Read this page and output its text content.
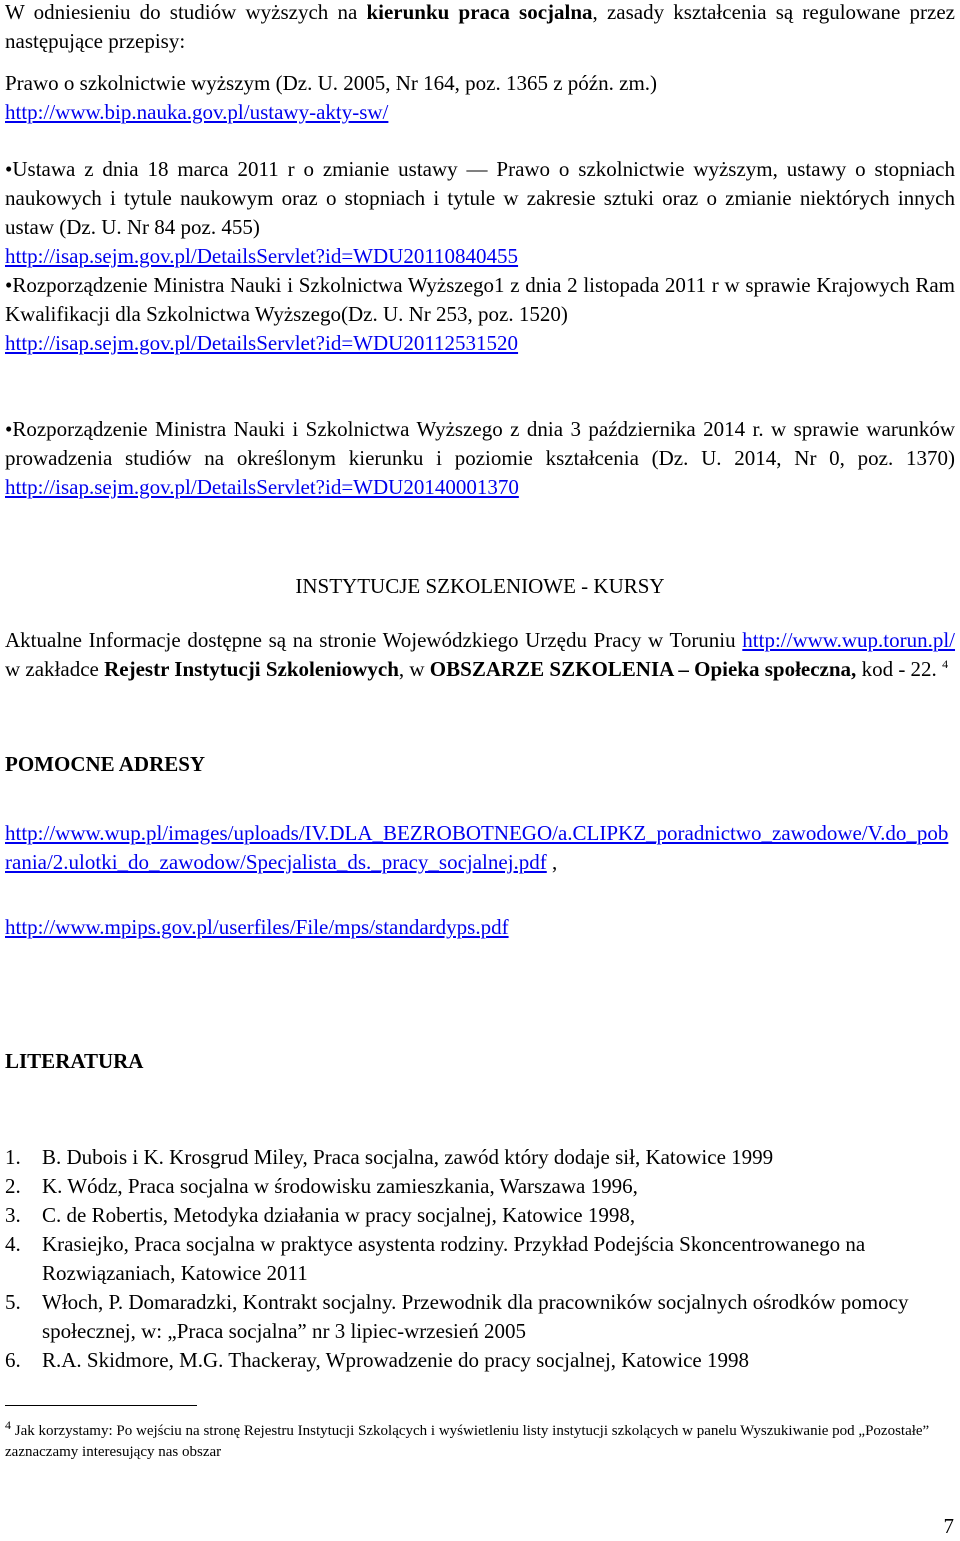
W odniesieniu do studiów wyższych na kierunku praca socjalna, zasady kształcenia są regulowane przez następujące przepisy:

Prawo o szkolnictwie wyższym (Dz. U. 2005, Nr 164, poz. 1365 z późn. zm.)
http://www.bip.nauka.gov.pl/ustawy-akty-sw/

•Ustawa z dnia 18 marca 2011 r o zmianie ustawy — Prawo o szkolnictwie wyższym, ustawy o stopniach naukowych i tytule naukowym oraz o stopniach i tytule w zakresie sztuki oraz o zmianie niektórych innych ustaw (Dz. U. Nr 84 poz. 455)
http://isap.sejm.gov.pl/DetailsServlet?id=WDU20110840455

•Rozporządzenie Ministra Nauki i Szkolnictwa Wyższego1 z dnia 2 listopada 2011 r w sprawie Krajowych Ram Kwalifikacji dla Szkolnictwa Wyższego(Dz. U. Nr 253, poz. 1520)
http://isap.sejm.gov.pl/DetailsServlet?id=WDU20112531520

•Rozporządzenie Ministra Nauki i Szkolnictwa Wyższego z dnia 3 października 2014 r. w sprawie warunków prowadzenia studiów na określonym kierunku i poziomie kształcenia (Dz. U. 2014, Nr 0, poz. 1370) http://isap.sejm.gov.pl/DetailsServlet?id=WDU20140001370

INSTYTUCJE SZKOLENIOWE - KURSY

Aktualne Informacje dostępne są na stronie Wojewódzkiego Urzędu Pracy w Toruniu http://www.wup.torun.pl/ w zakładce Rejestr Instytucji Szkoleniowych, w OBSZARZE SZKOLENIA – Opieka społeczna, kod - 22. $^4$

POMOCNE ADRESY

http://www.wup.pl/images/uploads/IV.DLA_BEZROBOTNEGO/a.CLIPKZ_poradnictwo_zawodowe/V.do_pobrania/2.ulotki_do_zawodow/Specjalista_ds._pracy_socjalnej.pdf ,

http://www.mpips.gov.pl/userfiles/File/mps/standardyps.pdf

LITERATURA
1. B. Dubois i K. Krosgrud Miley, Praca socjalna, zawód który dodaje sił, Katowice 1999
2. K. Wódz, Praca socjalna w środowisku zamieszkania, Warszawa 1996,
3. C. de Robertis, Metodyka działania w pracy socjalnej, Katowice 1998,
4. Krasiejko, Praca socjalna w praktyce asystenta rodziny. Przykład Podejścia Skoncentrowanego na Rozwiązaniach, Katowice 2011
5. Włoch, P. Domaradzki, Kontrakt socjalny. Przewodnik dla pracowników socjalnych ośrodków pomocy społecznej, w: „Praca socjalna” nr 3 lipiec-wrzesień 2005
6. R.A. Skidmore, M.G. Thackeray, Wprowadzenie do pracy socjalnej, Katowice 1998
$^4$ Jak korzystamy: Po wejściu na stronę Rejestru Instytucji Szkolących i wyświetleniu listy instytucji szkolących w panelu Wyszukiwanie pod „Pozostałe” zaznaczamy interesujący nas obszar
7
